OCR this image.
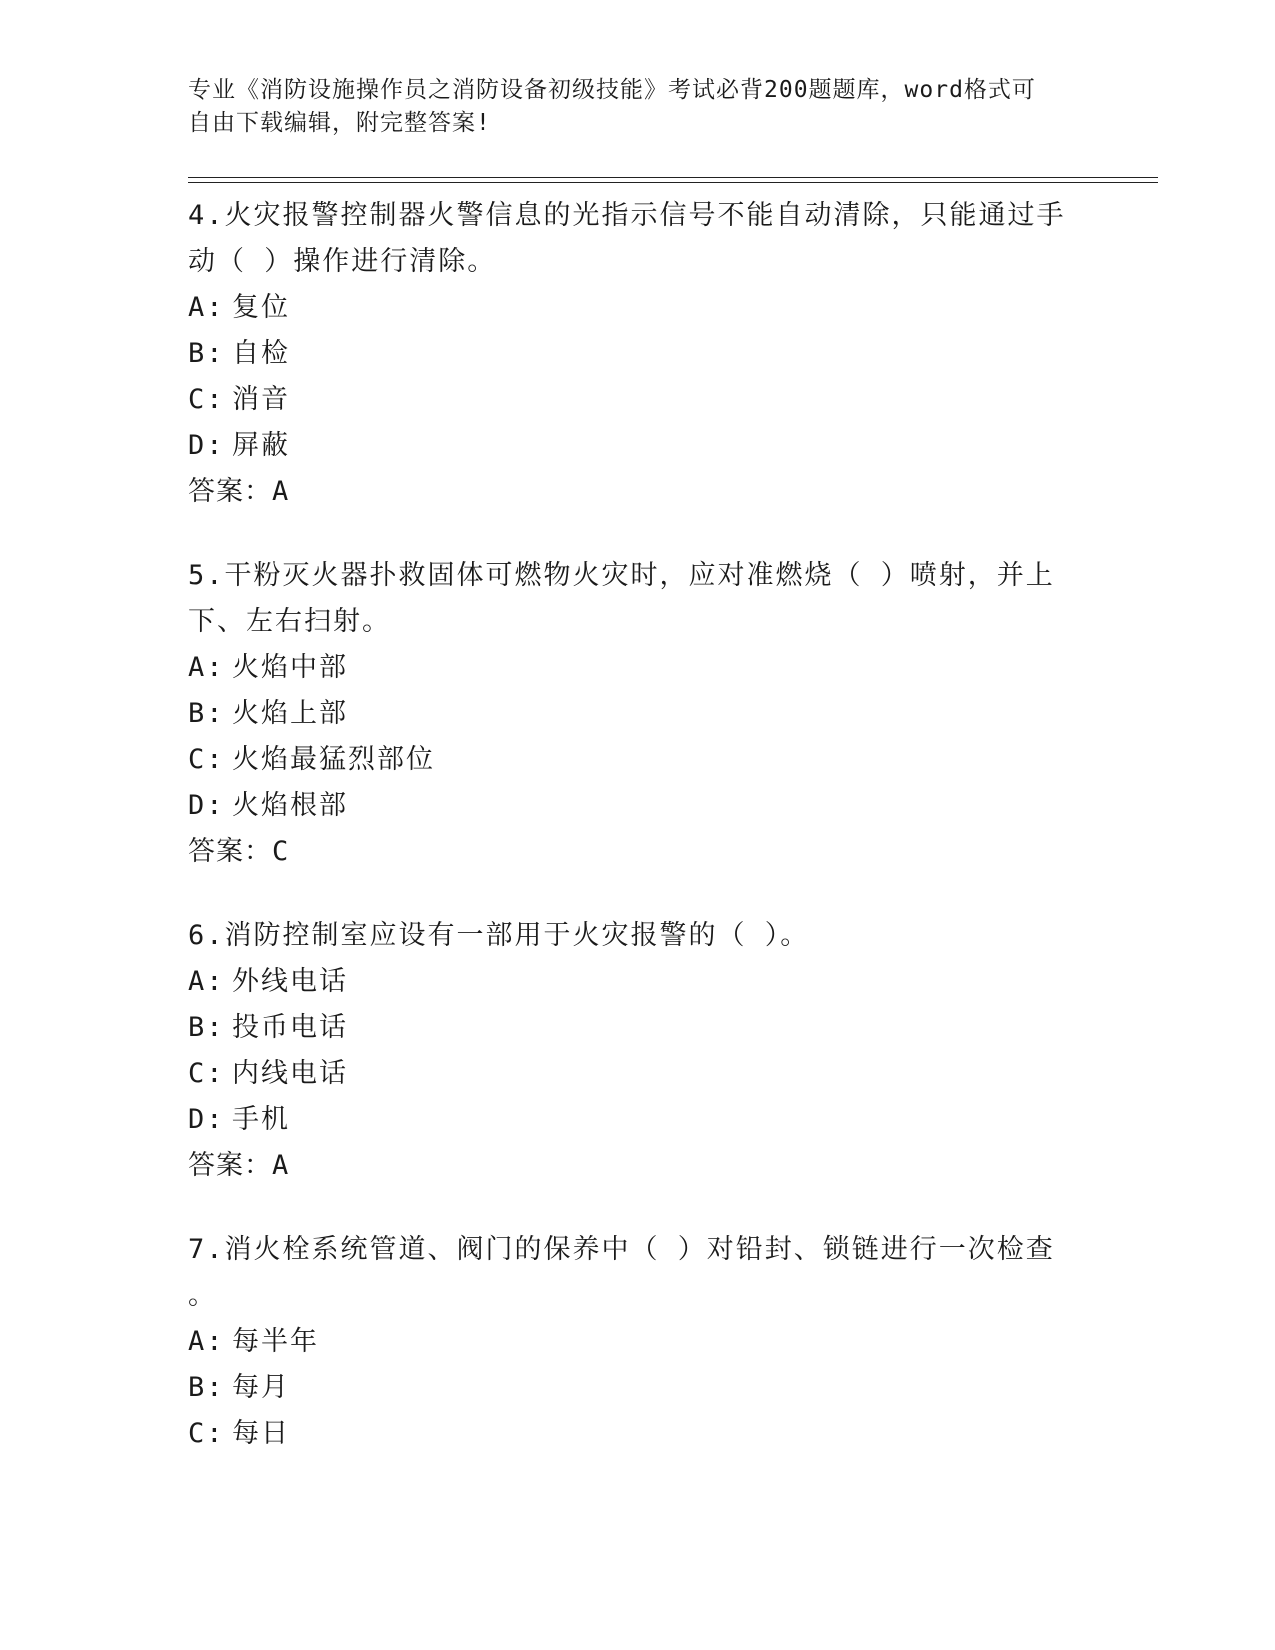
专业《消防设施操作员之消防设备初级技能》考试必背200题题库，word格式可
自由下载编辑，附完整答案!
4.火灾报警控制器火警信息的光指示信号不能自动清除，只能通过手
动（ ）操作进行清除。
A: 复位
B: 自检
C: 消音
D: 屏蔽
答案：A
5.干粉灭火器扑救固体可燃物火灾时，应对准燃烧（ ）喷射，并上
下、左右扫射。
A: 火焰中部
B: 火焰上部
C: 火焰最猛烈部位
D: 火焰根部
答案：C
6.消防控制室应设有一部用于火灾报警的（ ）。
A: 外线电话
B: 投币电话
C: 内线电话
D: 手机
答案：A
7.消火栓系统管道、阀门的保养中（ ）对铅封、锁链进行一次检查
。
A: 每半年
B: 每月
C: 每日
